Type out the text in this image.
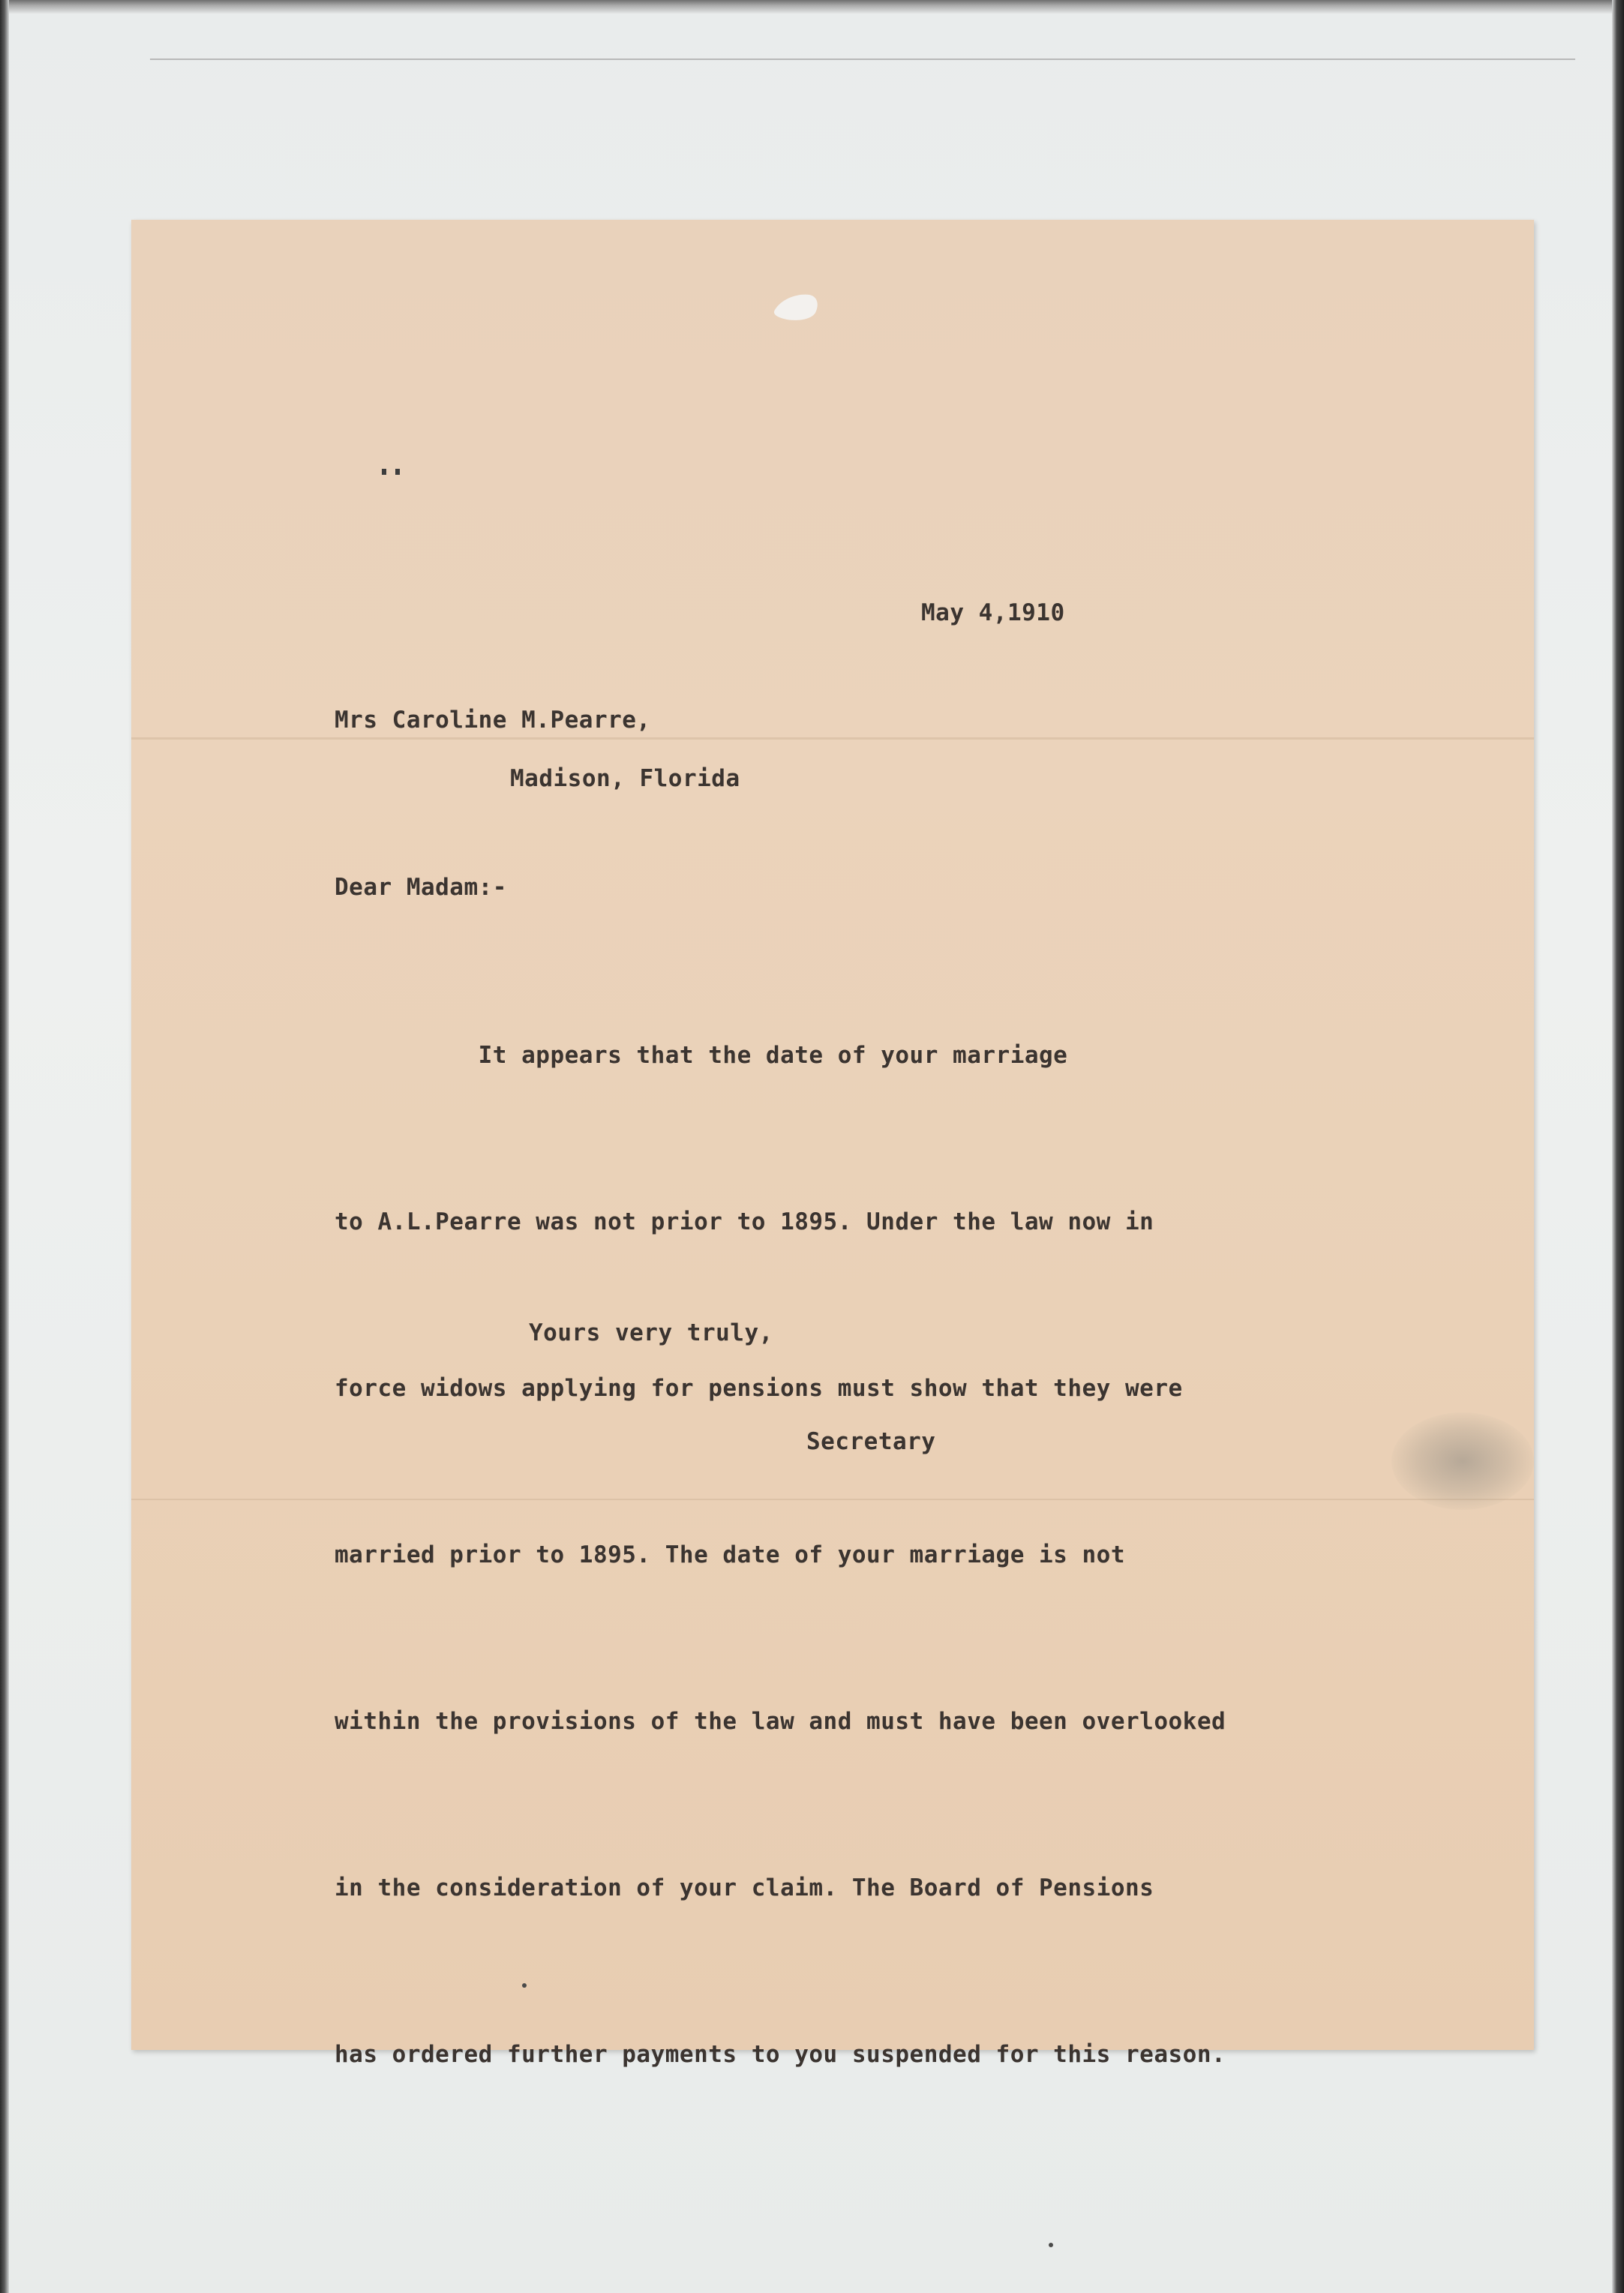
May 4,1910
Mrs Caroline M.Pearre,
Madison, Florida
Dear Madam:-

It appears that the date of your marriage

to A.L.Pearre was not prior to 1895. Under the law now in

force widows applying for pensions must show that they were

married prior to 1895. The date of your marriage is not

within the provisions of the law and must have been overlooked

in the consideration of your claim. The Board of Pensions

has ordered further payments to you suspended for this reason.

Yours very truly,
Secretary
